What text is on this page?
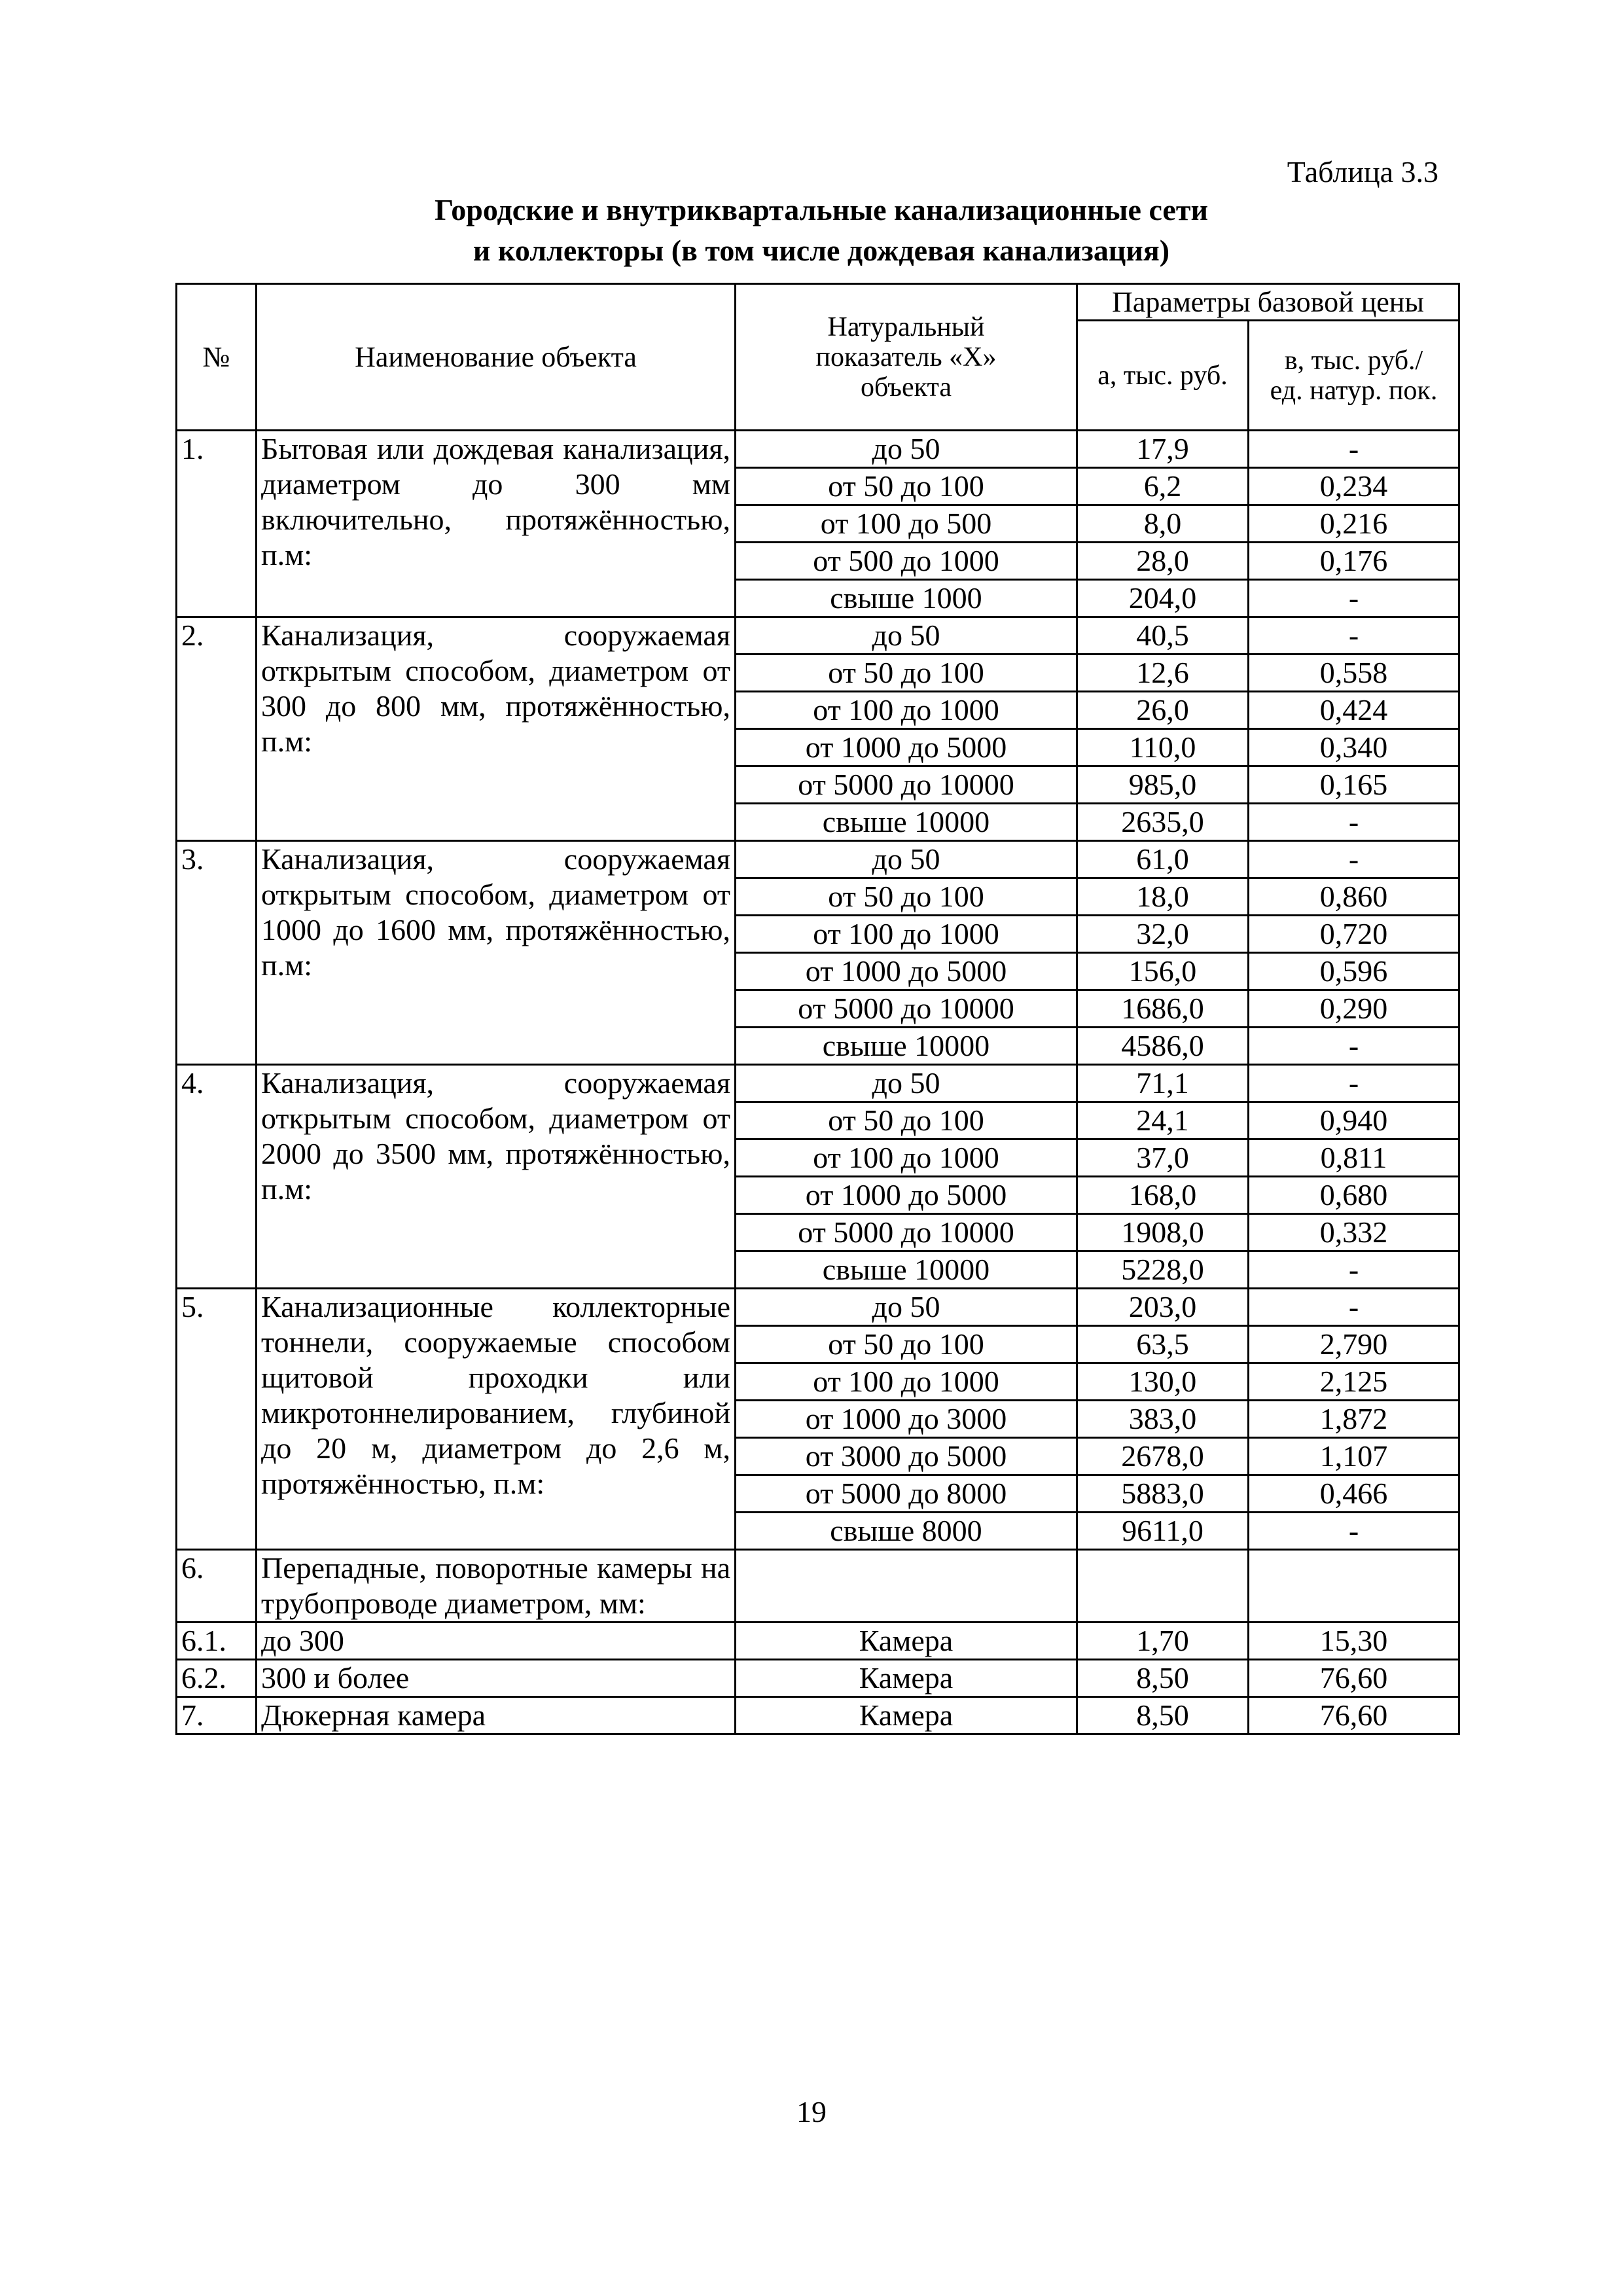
Таблица 3.3
Городские и внутриквартальные канализационные сети
и коллекторы (в том числе дождевая канализация)
№	Наименование объекта	Натуральный показатель «Х» объекта	Параметры базовой цены	
			а, тыс. руб.	в, тыс. руб./ ед. натур. пок.
1.	Бытовая или дождевая канализация, диаметром до 300 мм включительно, протяжённостью, п.м:	до 50	17,9	-
		от 50 до 100	6,2	0,234
		от 100 до 500	8,0	0,216
		от 500 до 1000	28,0	0,176
		свыше 1000	204,0	-
2.	Канализация, сооружаемая открытым способом, диаметром от 300 до 800 мм, протяжённостью, п.м:	до 50	40,5	-
		от 50 до 100	12,6	0,558
		от 100 до 1000	26,0	0,424
		от 1000 до 5000	110,0	0,340
		от 5000 до 10000	985,0	0,165
		свыше 10000	2635,0	-
3.	Канализация, сооружаемая открытым способом, диаметром от 1000 до 1600 мм, протяжённостью, п.м:	до 50	61,0	-
		от 50 до 100	18,0	0,860
		от 100 до 1000	32,0	0,720
		от 1000 до 5000	156,0	0,596
		от 5000 до 10000	1686,0	0,290
		свыше 10000	4586,0	-
4.	Канализация, сооружаемая открытым способом, диаметром от 2000 до 3500 мм, протяжённостью, п.м:	до 50	71,1	-
		от 50 до 100	24,1	0,940
		от 100 до 1000	37,0	0,811
		от 1000 до 5000	168,0	0,680
		от 5000 до 10000	1908,0	0,332
		свыше 10000	5228,0	-
5.	Канализационные коллекторные тоннели, сооружаемые способом щитовой проходки или микротоннелированием, глубиной до 20 м, диаметром до 2,6 м, протяжённостью, п.м:	до 50	203,0	-
		от 50 до 100	63,5	2,790
		от 100 до 1000	130,0	2,125
		от 1000 до 3000	383,0	1,872
		от 3000 до 5000	2678,0	1,107
		от 5000 до 8000	5883,0	0,466
		свыше 8000	9611,0	-
6.	Перепадные, поворотные камеры на трубопроводе диаметром, мм:			
6.1.	до 300	Камера	1,70	15,30
6.2.	300 и более	Камера	8,50	76,60
7.	Дюкерная камера	Камера	8,50	76,60
19
